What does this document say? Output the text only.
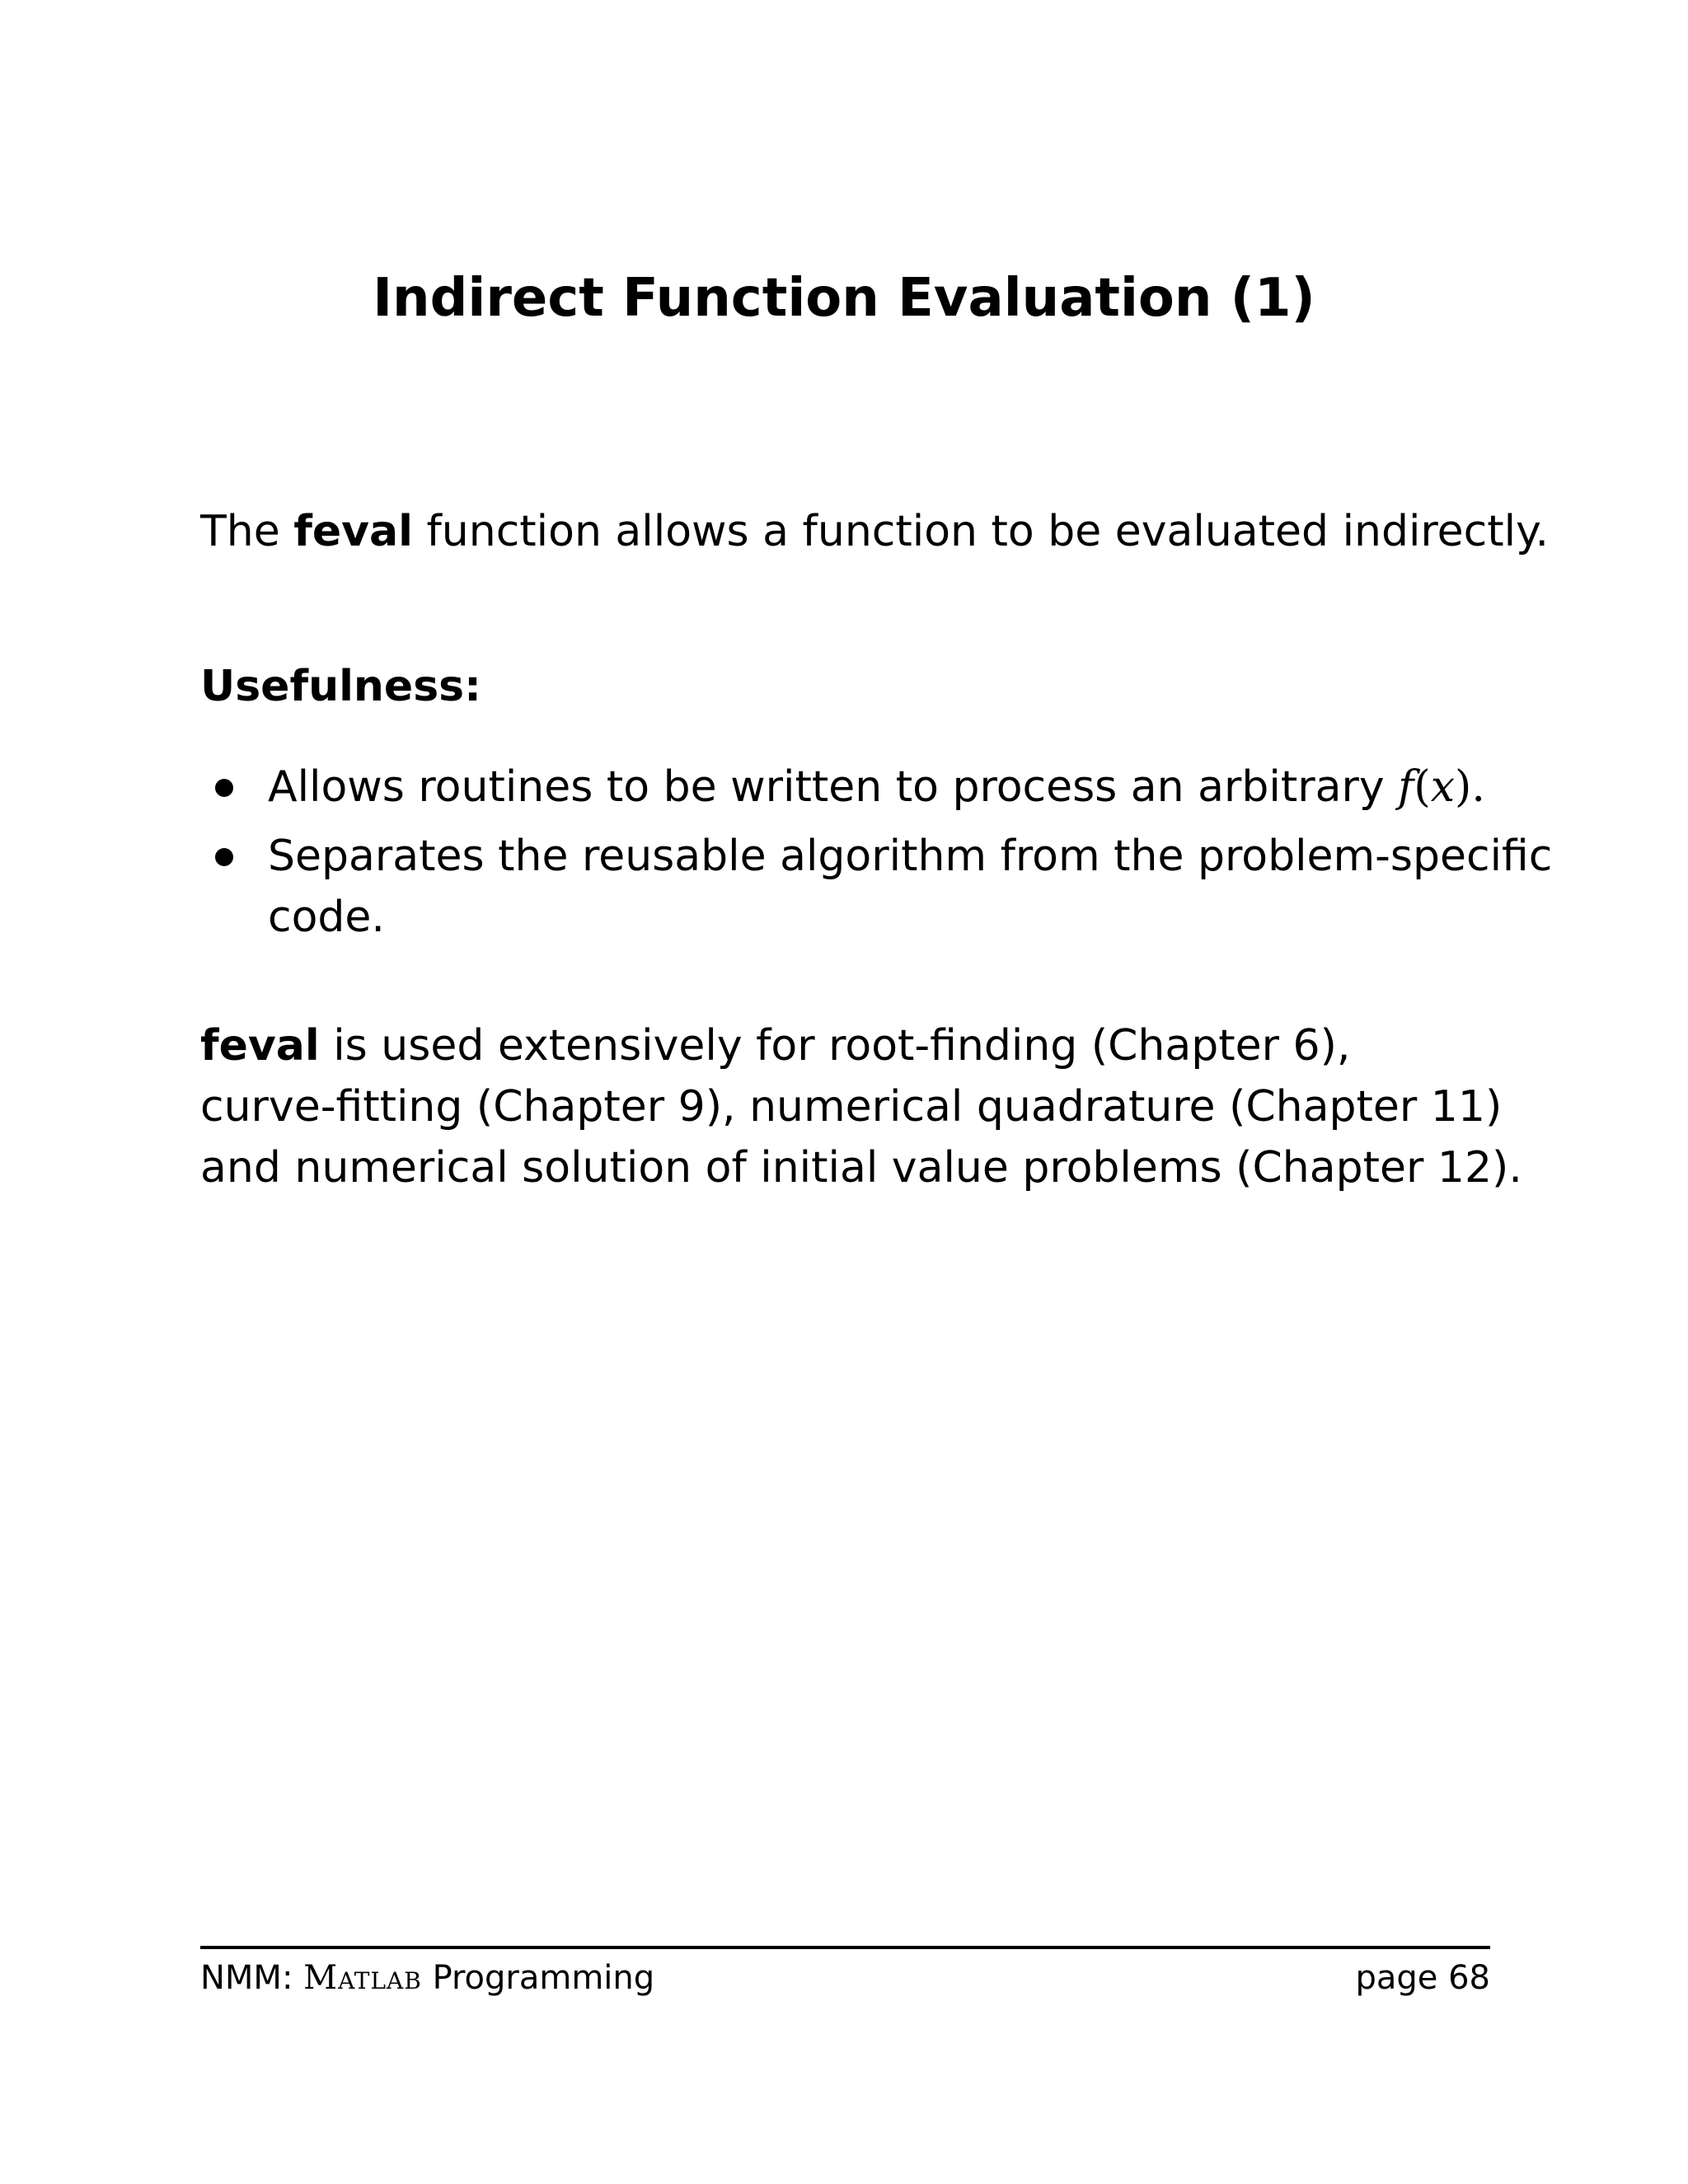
Indirect Function Evaluation (1)
The feval function allows a function to be evaluated indirectly.
Usefulness:
Allows routines to be written to process an arbitrary f(x).
Separates the reusable algorithm from the problem-specific
code.
feval is used extensively for root-finding (Chapter 6),
curve-fitting (Chapter 9), numerical quadrature (Chapter 11)
and numerical solution of initial value problems (Chapter 12).
NMM: Matlab Programming	page 68
